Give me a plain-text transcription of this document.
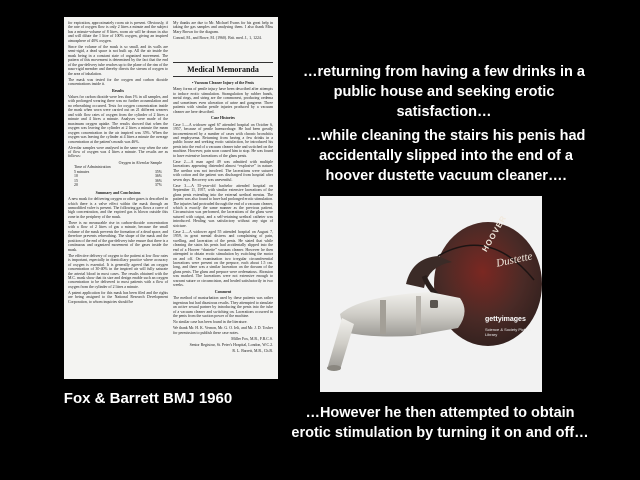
for expiration, approximately room air is present. Obviously, if the rate of oxygen flow is only 2 litres a minute and the subject has a minute-volume of 8 litres, room air will be drawn in also and will dilute the 1 litre of 100% oxygen, giving an inspired atmosphere of 40% oxygen.

Since the volume of the mask is so small, and its walls are semi-rigid, a dead space is not built up. All the air inside the mask being in a constant state of organized movement. The pattern of this movement is determined by the fact that the end of the gas-delivery tube reaches up to the plane of the rim of the naso-rigid member and thereby directs the stream of oxygen to the area of inhalation.

The mask was tested for the oxygen and carbon dioxide concentrations inside it.

Results

Values for carbon dioxide were less than 1% in all samples, and with prolonged wearing there was no further accumulation and no rebreathing occurred. Tests for oxygen concentration inside the mask when worn were carried out on 21 different wearers and with flow rates of oxygen from the cylinder of 2 litres a minute and 4 litres a minute. Analyses were made of the maximum oxygen uptake. The results showed that when the oxygen was leaving the cylinder at 2 litres a minute the mean oxygen concentration in the air inspired was 35%. When the oxygen was leaving the cylinder at 4 litres a minute the average concentration at the patient's mouth was 46%.

Alveolar samples were analysed in the same way when the rate of flow of oxygen was 4 litres a minute. The results are as follows:

Oxygen in Alveolar Sample
Time of Administration
5 minutes	35%
10	36%
15	36%
20	37%

Summary and Conclusions

A new mask for delivering oxygen or other gases is described in which there is a valve effect within the mask through an unmodified valve is present. The following gas flows a curve of high concentration, and the expired gas is blown outside this zone in the periphery of the mask.

There is no measurable rise in carbon-dioxide concentration with a flow of 2 litres of gas a minute, because the small volume of the mask prevents the formation of a dead space, and therefore prevents rebreathing. The shape of the mask and the position of the end of the gas-delivery tube ensure that there is a continuous and organized movement of the gases inside the mask.

The effective delivery of oxygen to the patient at low flow rates is important, especially in domiciliary practice where accuracy of oxygen is essential. It is generally agreed that an oxygen concentration of 30-40% in the inspired air will fully saturate the arterial blood in most cases. The results obtained with the M.C. mask show that its size and design enable such an oxygen concentration to be delivered to most patients with a flow of oxygen from the cylinder of 2 litres a minute.

A patent application for this mask has been filed and the rights are being assigned to the National Research Development Corporation, to whom inquiries should be

My thanks are due to Mr. Michael Evans for his great help in taking the gas samples and analysing them. I also thank Miss Mary Brown for the diagram.

Conrad, M., and Bowe, M. (1960). Brit. med. J., 1, 1224.

Medical Memoranda

• Vacuum Cleaner Injury of the Penis

Many forms of penile injury have been described after attempts to induce erotic stimulation. Strangulation by rubber bands, metal rings, and string are the commonest, producing oedema and sometimes even ulceration of urine and gangrene. Three patients with similar penile injuries produced by a vacuum cleaner are here described.

Case Histories

Case 1.—A widower aged 67 attended hospital on October 6, 1957, because of penile haemorrhage. He had been greatly inconvenienced by a number of cases with chronic bronchitis and emphysema. Returning from having a few drinks in a public house and seeking erotic satisfaction, he introduced his penis into the end of a vacuum cleaner tube and switched on the machine. However, pain soon caused him to stop. He was found to have extensive lacerations of the glans penis.

Case 2.—A man aged 49 was admitted with multiple lacerations appearing distended almost “explosive” in nature. The urethra was not involved. The lacerations were sutured with cotton and the patient was discharged from hospital after seven days. Recovery was uneventful.

Case 3.—A 55-year-old bachelor attended hospital on September 11, 1957, with similar extensive lacerations of the glans penis extending into the external urethral meatus. The patient was also found to have had prolonged erotic stimulation. The injuries had protruded through the end of a vacuum cleaner, which is exactly the same manner as the previous patient. Circumcision was performed, the lacerations of the glans were sutured with catgut, and a self-retaining urethral catheter was introduced. Healing was satisfactory without any sign of stricture.

Case 2.—A widower aged 55 attended hospital on August 7, 1959, in great mental distress and complaining of pain, swelling, and laceration of the penis. He stated that while cleaning the stairs his penis had accidentally slipped into the end of a Hoover “dustette” vacuum cleaner. However he then attempted to obtain erotic stimulation by switching the motor on and off. On examination two irregular circumferential lacerations were present on the prepuce, each about 1.5 cm. long, and there was a similar laceration on the dorsum of the glans penis. The glans and prepuce were oedematous. Abrasion was marked. The lacerations were not extensive enough to warrant suture or circumcision, and healed satisfactorily in two weeks.

Comment

The method of masturbation used by these patients was rather ingenious but had disastrous results. They attempted to simulate an active sexual partner by introducing the penis into the tube of a vacuum cleaner and switching on. Lacerations occurred in the penis from the suction power of the machine.

No similar case has been found in the literature.

We thank Mr. H. K. Vernon, Mr. G. O. Ieli, and Mr. J. D. Tosher for permission to publish these case notes.

Miller Fox, M.B., F.R.C.S.

Senior Registrar, St. Peter's Hospital, London, W.C.2.

R. L. Barrett, M.B., Ch.B.

…returning from having a few drinks in a public house and seeking erotic satisfaction…
…while cleaning the stairs his penis had accidentally slipped into the end of a hoover dustette vacuum cleaner….
…However he then attempted to obtain erotic stimulation by turning it on and off…
Fox & Barrett BMJ 1960
HOOVER
Dustette
gettyimages
Science & Society Picture Library
